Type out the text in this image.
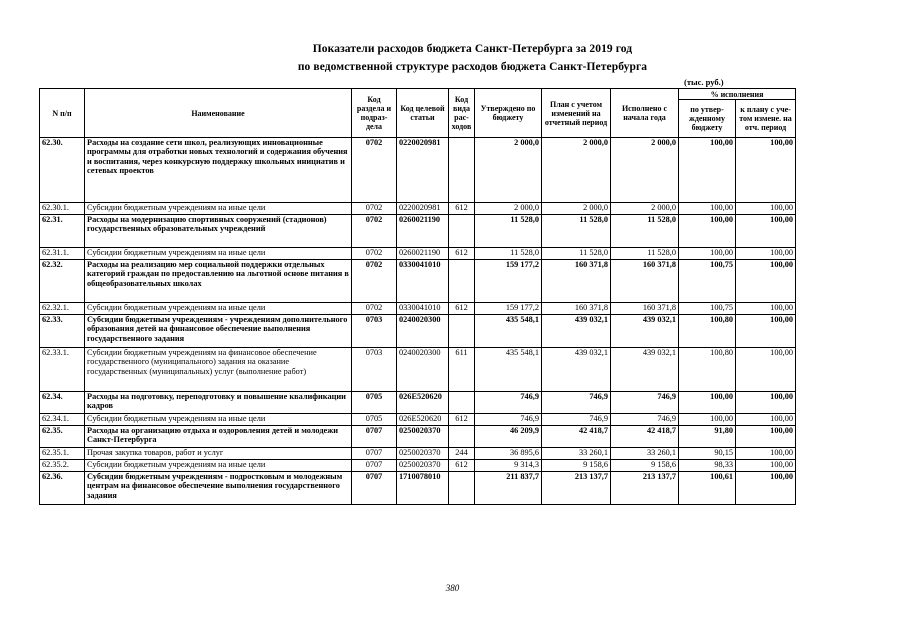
Показатели расходов бюджета Санкт-Петербурга за 2019 год
по ведомственной структуре расходов бюджета Санкт-Петербурга
(тыс. руб.)
N п/п	Наименование	Код раздела и подраз-дела	Код целевой статьи	Код вида рас-ходов	Утверждено по бюджету	План с учетом изменений на отчетный период	Исполнено с начала года	% исполнения	
								по утвер-жденному бюджету	к плану с уче-том измене. на отч. период
62.30.	Расходы на создание сети школ, реализующих инновационные программы для отработки новых технологий и содержания обучения и воспитания, через конкурсную поддержку школьных инициатив и сетевых проектов	0702	0220020981		2 000,0	2 000,0	2 000,0	100,00	100,00
62.30.1.	Субсидии бюджетным учреждениям на иные цели	0702	0220020981	612	2 000,0	2 000,0	2 000,0	100,00	100,00
62.31.	Расходы на модернизацию спортивных сооружений (стадионов) государственных образовательных учреждений	0702	0260021190		11 528,0	11 528,0	11 528,0	100,00	100,00
62.31.1.	Субсидии бюджетным учреждениям на иные цели	0702	0260021190	612	11 528,0	11 528,0	11 528,0	100,00	100,00
62.32.	Расходы на реализацию мер социальной поддержки отдельных категорий граждан по предоставлению на льготной основе питания в общеобразовательных школах	0702	0330041010		159 177,2	160 371,8	160 371,8	100,75	100,00
62.32.1.	Субсидии бюджетным учреждениям на иные цели	0702	0330041010	612	159 177,2	160 371,8	160 371,8	100,75	100,00
62.33.	Субсидии бюджетным учреждениям - учреждениям дополнительного образования детей на финансовое обеспечение выполнения государственного задания	0703	0240020300		435 548,1	439 032,1	439 032,1	100,80	100,00
62.33.1.	Субсидии бюджетным учреждениям на финансовое обеспечение государственного (муниципального) задания на оказание государственных (муниципальных) услуг (выполнение работ)	0703	0240020300	611	435 548,1	439 032,1	439 032,1	100,80	100,00
62.34.	Расходы на подготовку, переподготовку и повышение квалификации кадров	0705	026E520620		746,9	746,9	746,9	100,00	100,00
62.34.1.	Субсидии бюджетным учреждениям на иные цели	0705	026E520620	612	746,9	746,9	746,9	100,00	100,00
62.35.	Расходы на организацию отдыха и оздоровления детей и молодежи Санкт-Петербурга	0707	0250020370		46 209,9	42 418,7	42 418,7	91,80	100,00
62.35.1.	Прочая закупка товаров, работ и услуг	0707	0250020370	244	36 895,6	33 260,1	33 260,1	90,15	100,00
62.35.2.	Субсидии бюджетным учреждениям на иные цели	0707	0250020370	612	9 314,3	9 158,6	9 158,6	98,33	100,00
62.36.	Субсидии бюджетным учреждениям - подростковым и молодежным центрам на финансовое обеспечение выполнения государственного задания	0707	1710078010		211 837,7	213 137,7	213 137,7	100,61	100,00
380
